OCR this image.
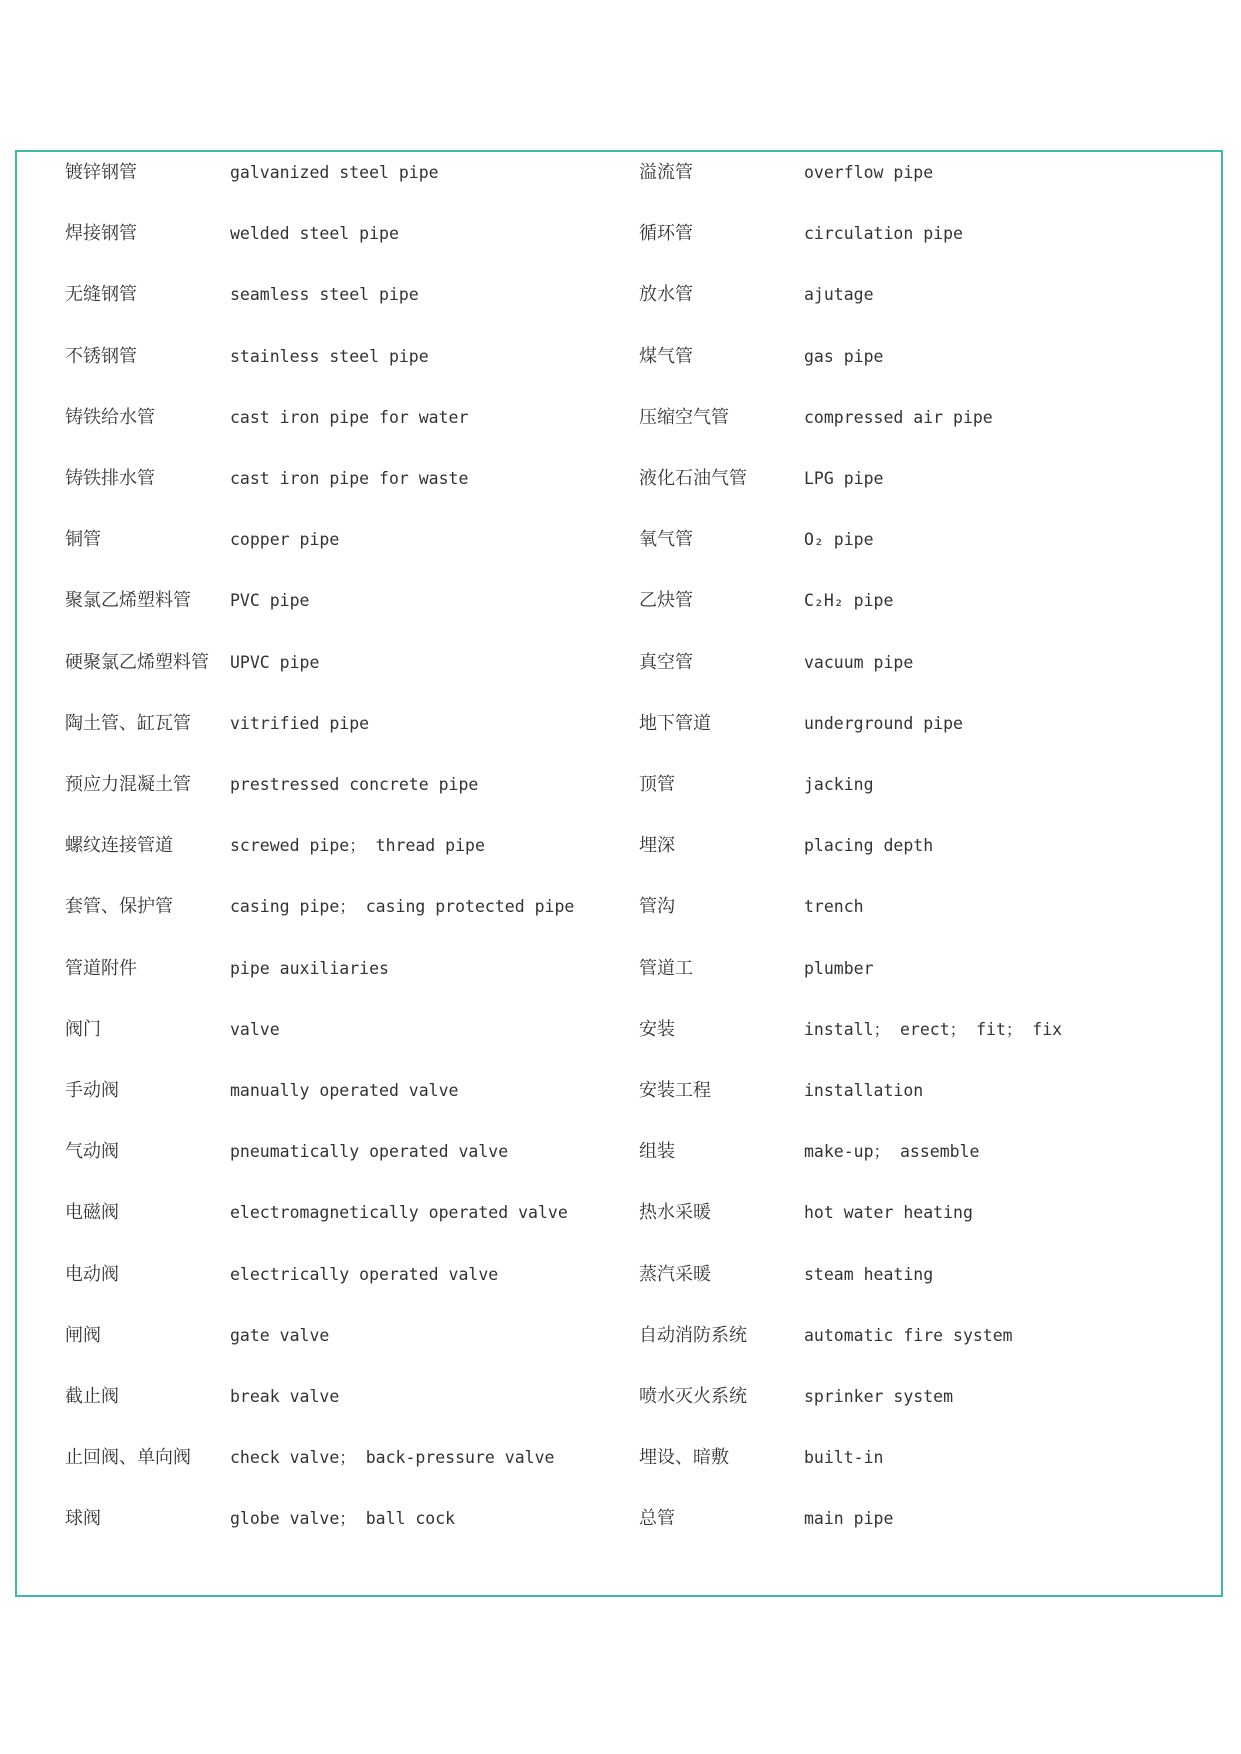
镀锌钢管	galvanized steel pipe	溢流管	overflow pipe
焊接钢管	welded steel pipe	循环管	circulation pipe
无缝钢管	seamless steel pipe	放水管	ajutage
不锈钢管	stainless steel pipe	煤气管	gas pipe
铸铁给水管	cast iron pipe for water	压缩空气管	compressed air pipe
铸铁排水管	cast iron pipe for waste	液化石油气管	LPG pipe
铜管	copper pipe	氧气管	O₂ pipe
聚氯乙烯塑料管 PVC pipe	乙炔管	C₂H₂ pipe
硬聚氯乙烯塑料管 UPVC pipe	真空管	vacuum pipe
陶土管、缸瓦管 vitrified pipe	地下管道	underground pipe
预应力混凝土管 prestressed concrete pipe	顶管	jacking
螺纹连接管道	screwed pipe； thread pipe	埋深	placing depth
套管、保护管	casing pipe； casing protected pipe	管沟	trench
管道附件	pipe auxiliaries	管道工	plumber
阀门	valve	安装	install； erect； fit； fix
手动阀	manually operated valve	安装工程	installation
气动阀	pneumatically operated valve	组装	make-up； assemble
电磁阀	electromagnetically operated valve	热水采暖	hot water heating
电动阀	electrically operated valve	蒸汽采暖	steam heating
闸阀	gate valve	自动消防系统	automatic fire system
截止阀	break valve	喷水灭火系统	sprinker system
止回阀、单向阀 check valve； back-pressure valve	埋设、暗敷	built-in
球阀	globe valve； ball cock	总管	main pipe
